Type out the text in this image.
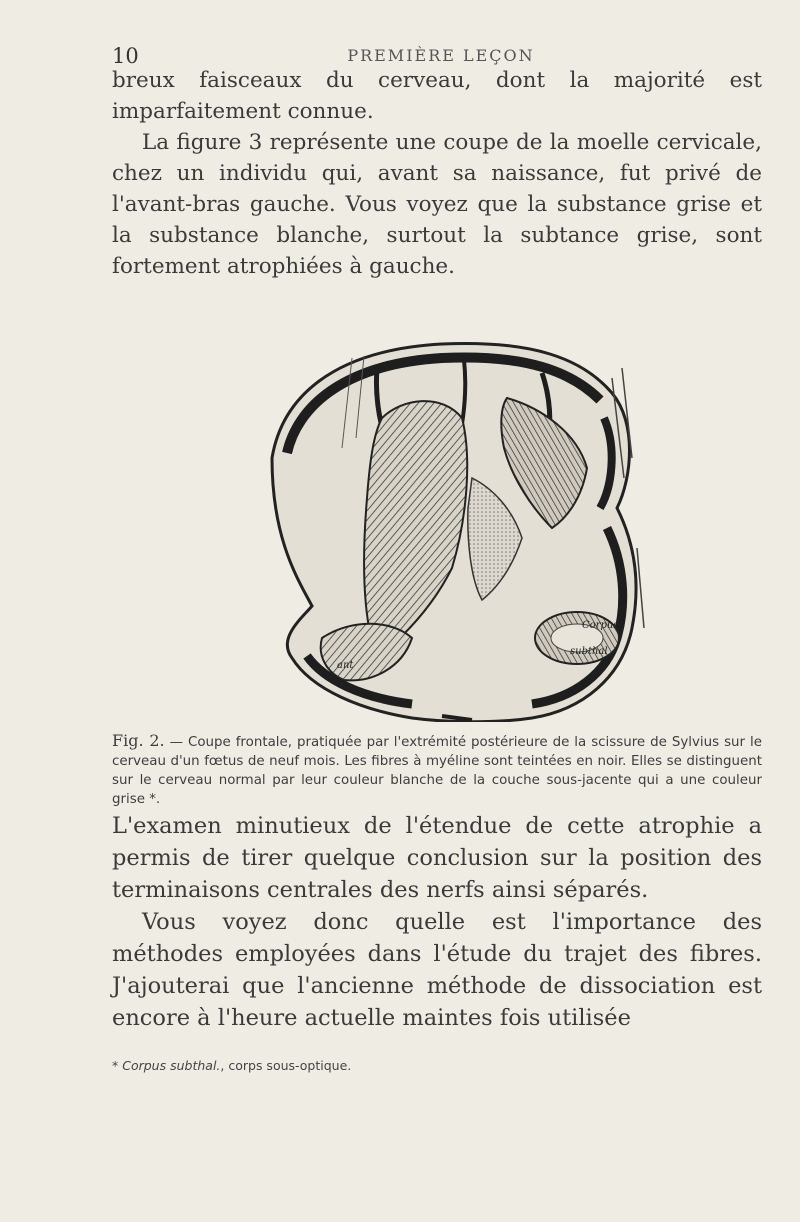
10	PREMIÈRE LEÇON

breux faisceaux du cerveau, dont la majorité est imparfaitement connue.

La figure 3 représente une coupe de la moelle cervicale, chez un individu qui, avant sa naissance, fut privé de l'avant-bras gauche. Vous voyez que la substance grise et la substance blanche, surtout la subtance grise, sont fortement atrophiées à gauche.

Corpus
subthal
ant
Fig. 2. — Coupe frontale, pratiquée par l'extrémité postérieure de la scissure de Sylvius sur le cerveau d'un fœtus de neuf mois. Les fibres à myéline sont teintées en noir. Elles se distinguent sur le cerveau normal par leur couleur blanche de la couche sous-jacente qui a une couleur grise *.

L'examen minutieux de l'étendue de cette atrophie a permis de tirer quelque conclusion sur la position des terminaisons centrales des nerfs ainsi séparés.

Vous voyez donc quelle est l'importance des méthodes employées dans l'étude du trajet des fibres. J'ajouterai que l'ancienne méthode de dissociation est encore à l'heure actuelle maintes fois utilisée

* Corpus subthal., corps sous-optique.
